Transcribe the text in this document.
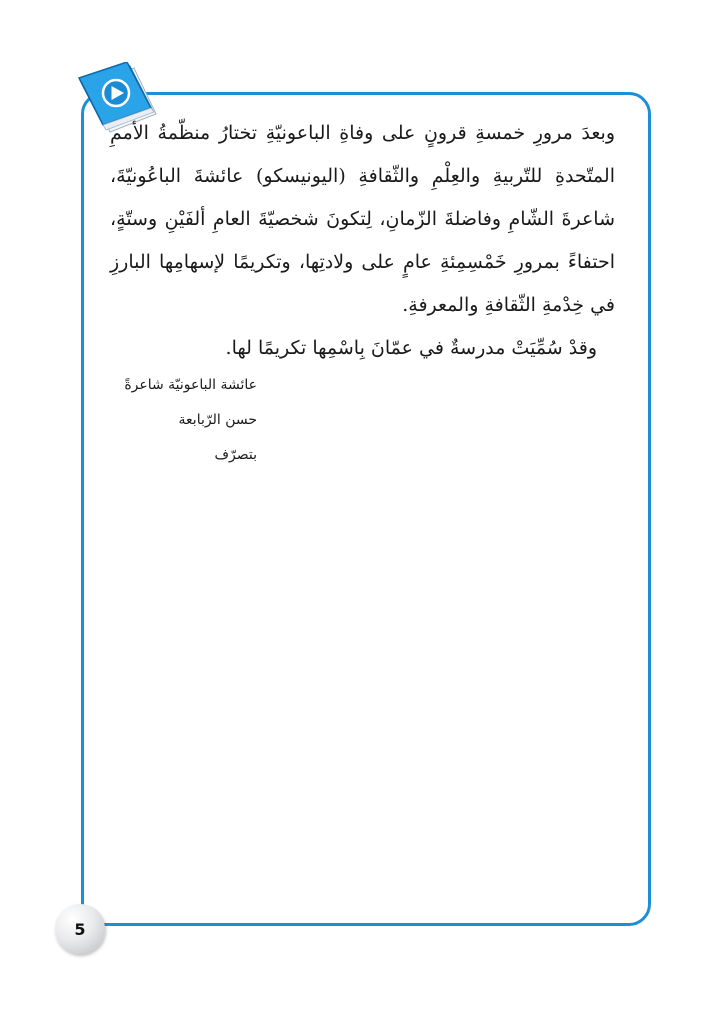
وبعدَ مرورِ خمسةِ قرونٍ على وفاةِ الباعونيّةِ تختارُ منظّمةُ الأممِ المتّحدةِ للتّربيةِ والعِلْمِ والثّقافةِ (اليونيسكو) عائشةَ الباعُونيّةَ، شاعرةَ الشّامِ وفاضلةَ الزّمانِ، لِتكونَ شخصيّةَ العامِ ألفَيْنِ وستّةٍ، احتفاءً بمرورِ خَمْسِمِئةِ عامٍ على ولادتِها، وتكريمًا لإسهامِها البارزِ في خِدْمةِ الثّقافةِ والمعرفةِ.

وقدْ سُمِّيَتْ مدرسةٌ في عمّانَ بِاسْمِها تكريمًا لها.

عائشة الباعونيّة شاعرةً
حسن الرّبابعة
بتصرّف
5
